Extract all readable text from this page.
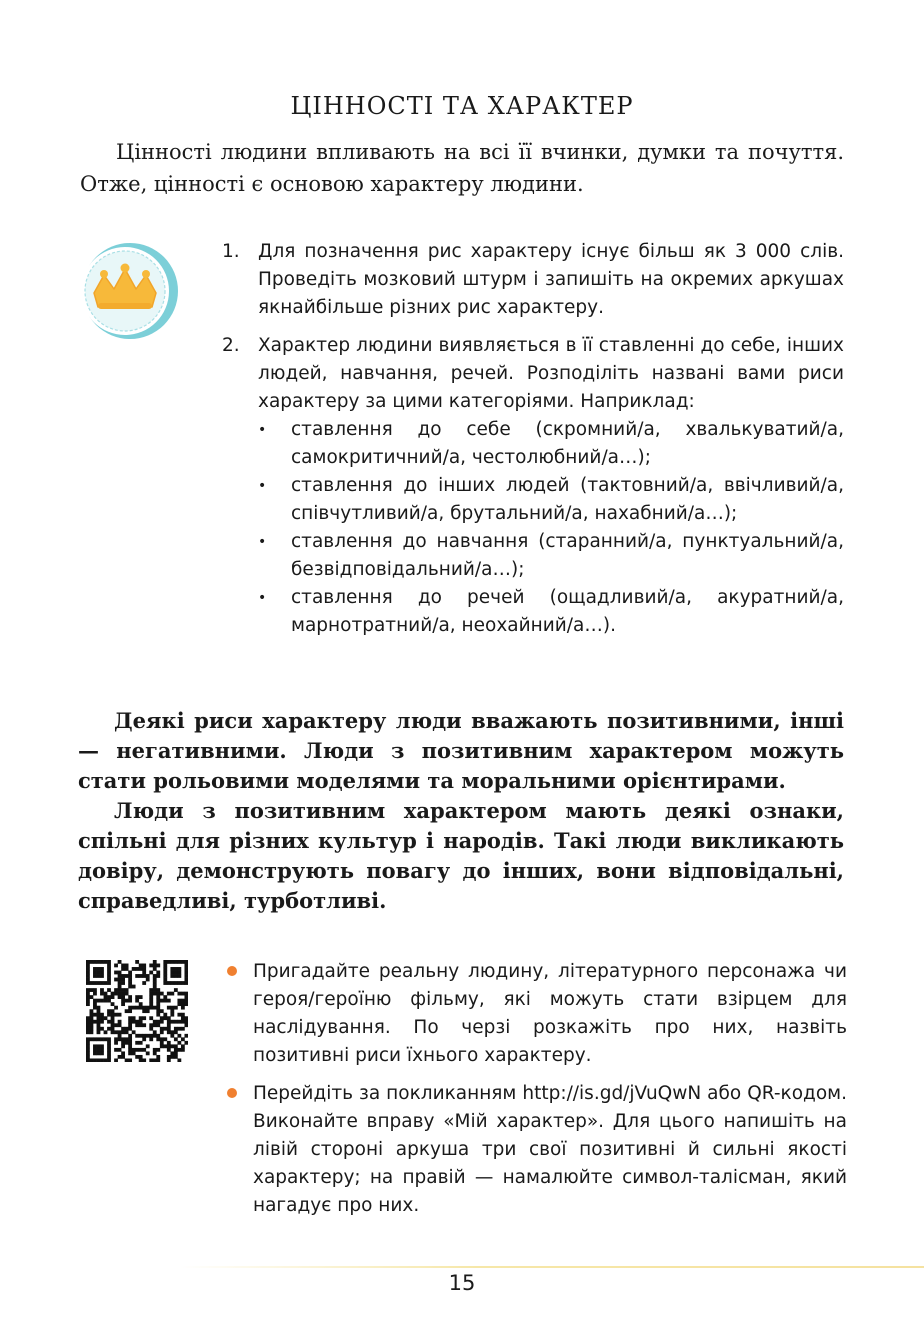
ЦІННОСТІ ТА ХАРАКТЕР

Цінності людини впливають на всі її вчинки, думки та почуття. Отже, цінності є основою характеру людини.

1. Для позначення рис характеру існує більш як 3 000 слів. Проведіть мозковий штурм і запишіть на окремих аркушах якнайбільше різних рис характеру.
2. Характер людини виявляється в її ставленні до себе, інших людей, навчання, речей. Розподіліть названі вами риси характеру за цими категоріями. Наприклад:
• ставлення до себе (скромний/а, хвалькуватий/а, самокритичний/а, честолюбний/а…);
• ставлення до інших людей (тактовний/а, ввічливий/а, співчутливий/а, брутальний/а, нахабний/а…);
• ставлення до навчання (старанний/а, пунктуальний/а, безвідповідальний/а…);
• ставлення до речей (ощадливий/а, акуратний/а, марнотратний/а, неохайний/а…).

Деякі риси характеру люди вважають позитивними, інші — негативними. Люди з позитивним характером можуть стати рольовими моделями та моральними орієнтирами.

Люди з позитивним характером мають деякі ознаки, спільні для різних культур і народів. Такі люди викликають довіру, демонструють повагу до інших, вони відповідальні, справедливі, турботливі.

Пригадайте реальну людину, літературного персонажа чи героя/героїню фільму, які можуть стати взірцем для наслідування. По черзі розкажіть про них, назвіть позитивні риси їхнього характеру.
Перейдіть за покликанням http://is.gd/jVuQwN або QR-кодом. Виконайте вправу «Мій характер». Для цього напишіть на лівій стороні аркуша три свої позитивні й сильні якості характеру; на правій — намалюйте символ-талісман, який нагадує про них.
15
